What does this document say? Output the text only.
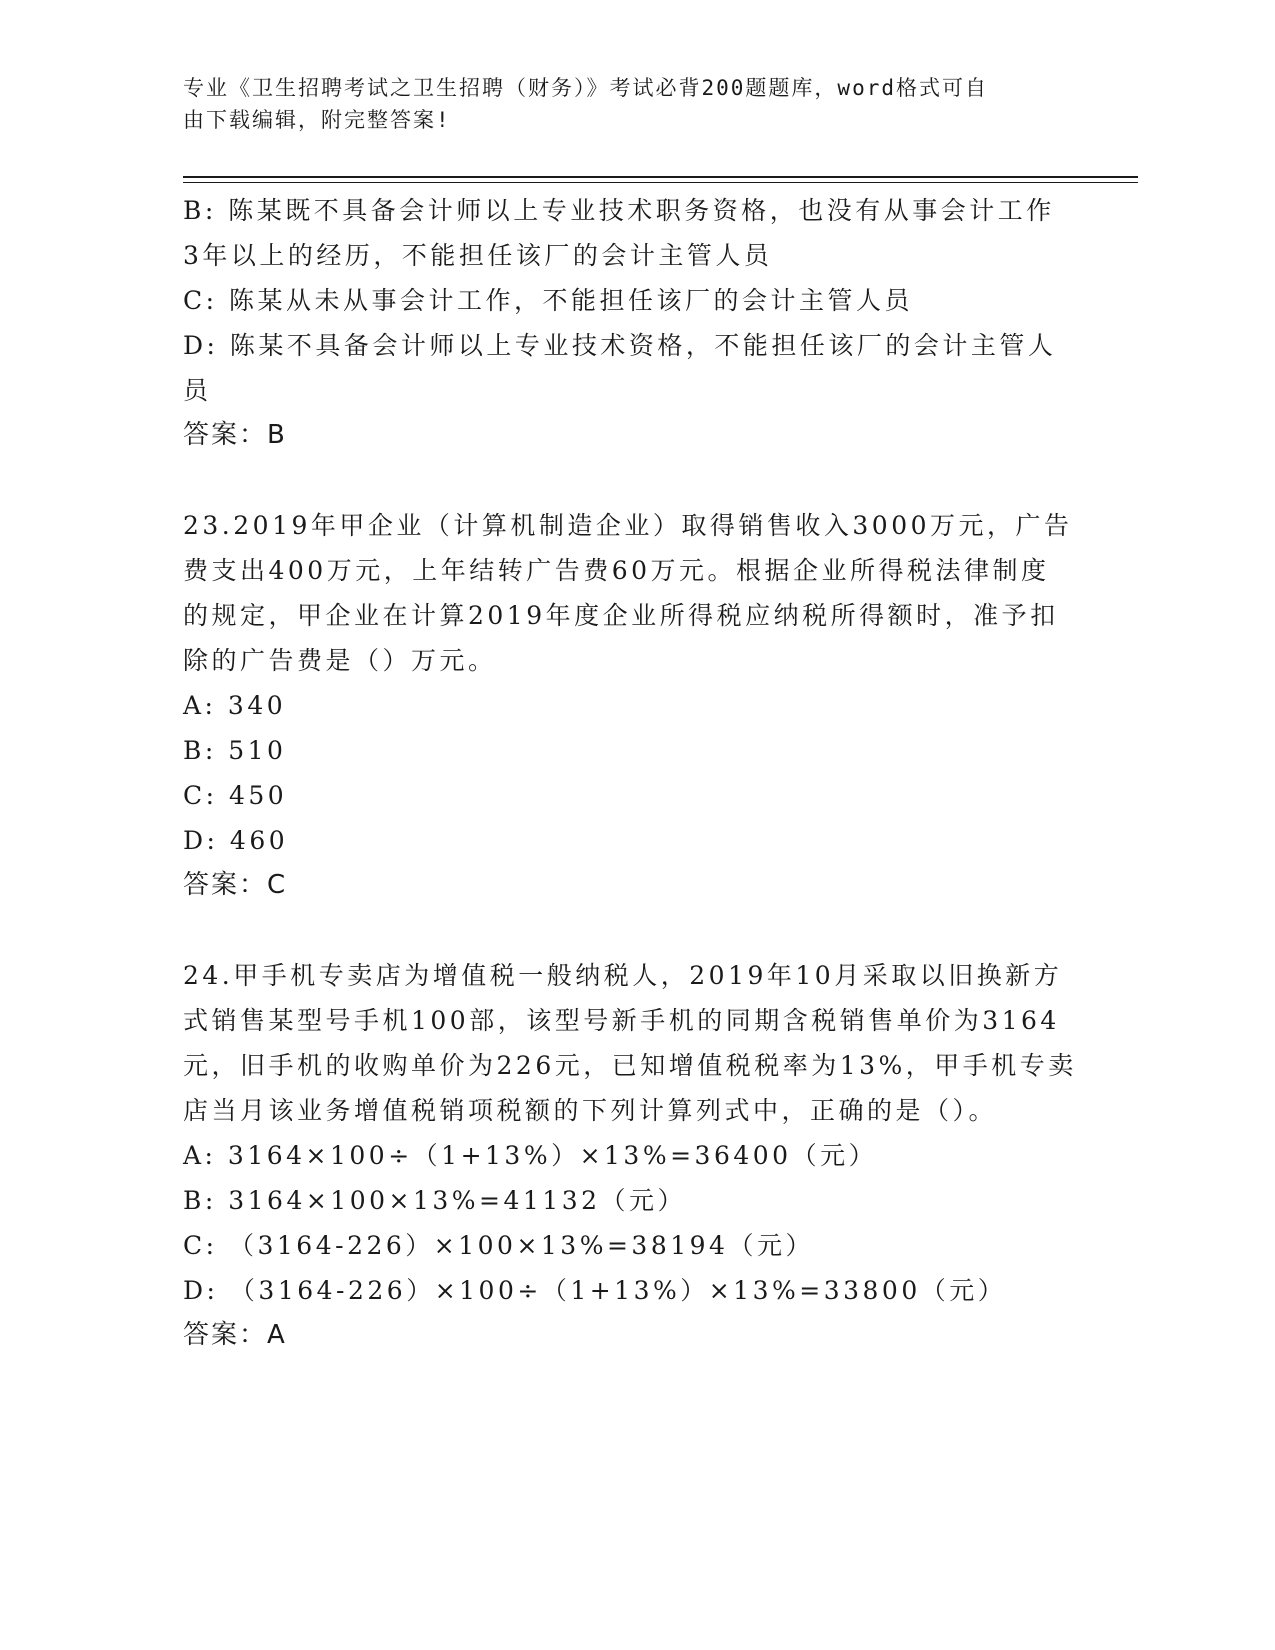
专业《卫生招聘考试之卫生招聘（财务）》考试必背200题题库，word格式可自
由下载编辑，附完整答案!
B: 陈某既不具备会计师以上专业技术职务资格，也没有从事会计工作
3年以上的经历，不能担任该厂的会计主管人员
C: 陈某从未从事会计工作，不能担任该厂的会计主管人员
D: 陈某不具备会计师以上专业技术资格，不能担任该厂的会计主管人
员
答案：B
23.2019年甲企业（计算机制造企业）取得销售收入3000万元，广告
费支出400万元，上年结转广告费60万元。根据企业所得税法律制度
的规定，甲企业在计算2019年度企业所得税应纳税所得额时，准予扣
除的广告费是（）万元。
A: 340
B: 510
C: 450
D: 460
答案：C
24.甲手机专卖店为增值税一般纳税人，2019年10月采取以旧换新方
式销售某型号手机100部，该型号新手机的同期含税销售单价为3164
元，旧手机的收购单价为226元，已知增值税税率为13%，甲手机专卖
店当月该业务增值税销项税额的下列计算列式中，正确的是（）。
A: 3164×100÷（1+13%）×13%=36400（元）
B: 3164×100×13%=41132（元）
C: （3164-226）×100×13%=38194（元）
D: （3164-226）×100÷（1+13%）×13%=33800（元）
答案：A
